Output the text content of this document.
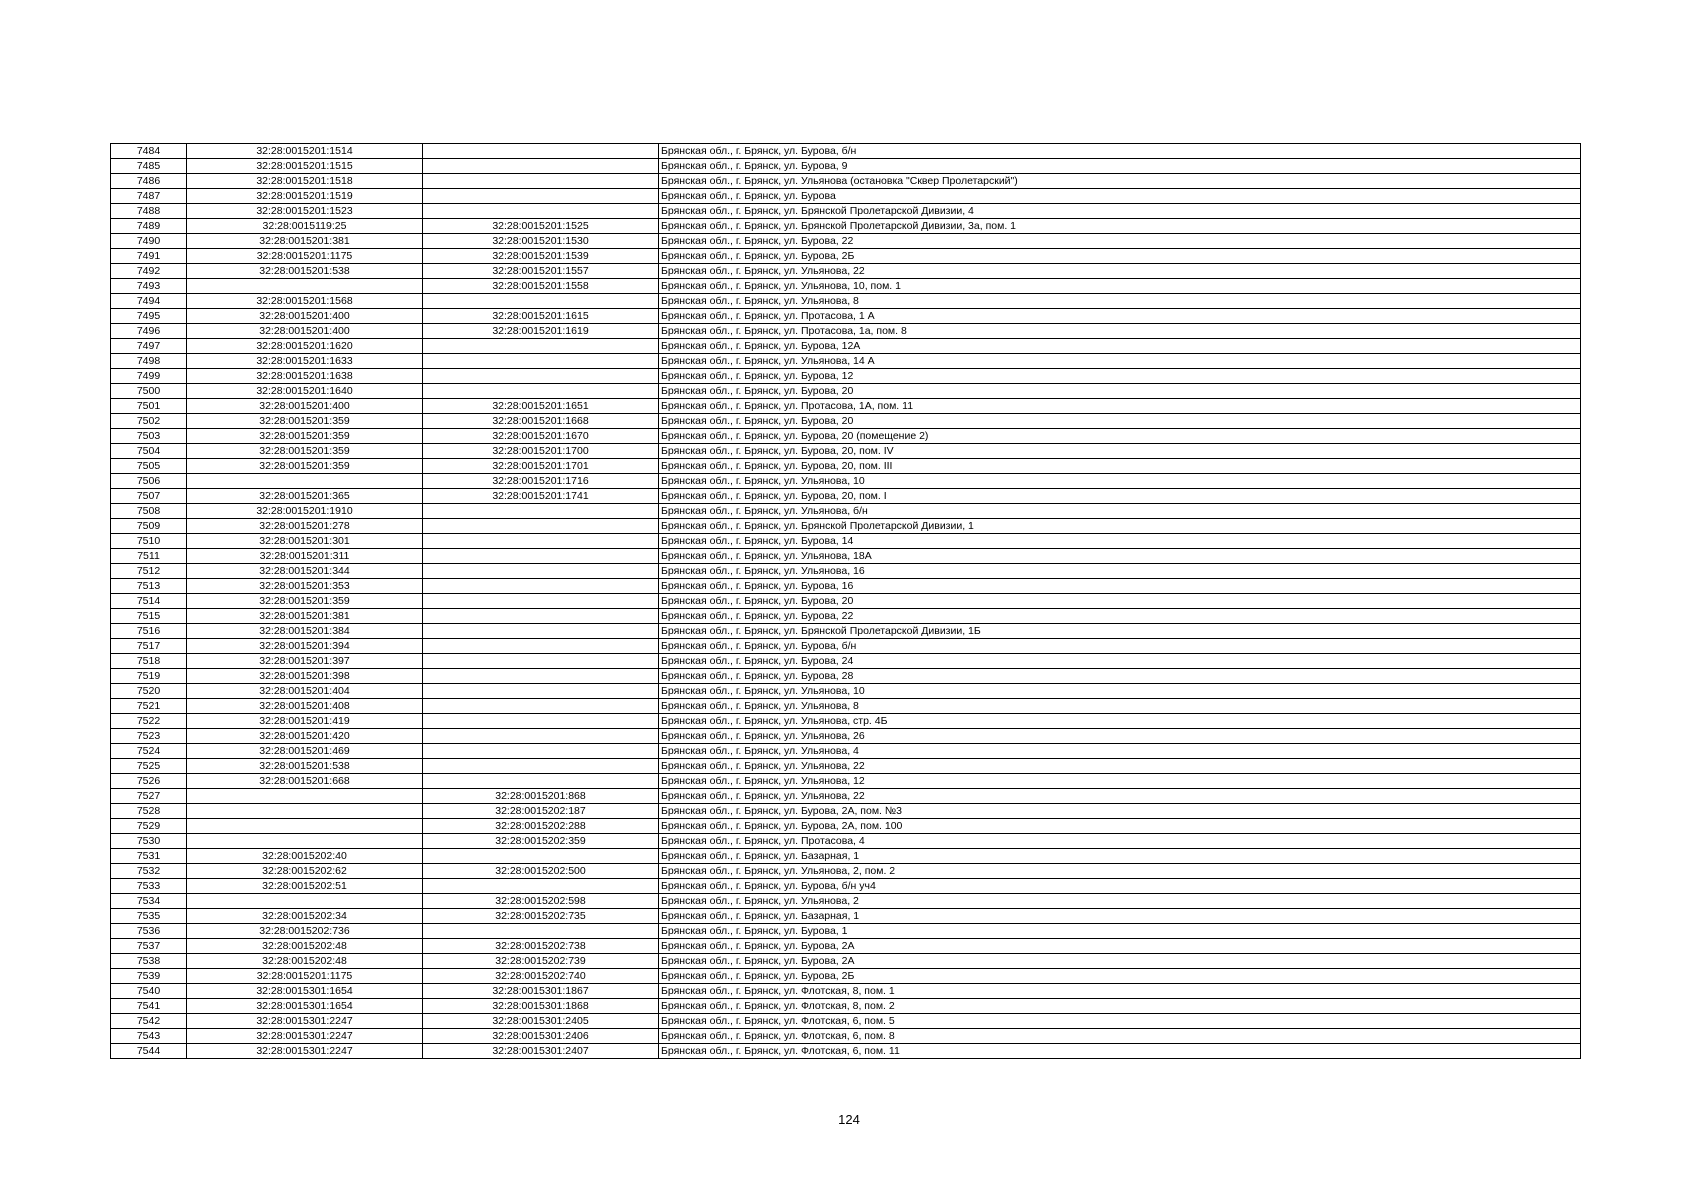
7484	32:28:0015201:1514		Брянская обл., г. Брянск, ул. Бурова, б/н
7485	32:28:0015201:1515		Брянская обл., г. Брянск, ул. Бурова, 9
7486	32:28:0015201:1518		Брянская обл., г. Брянск, ул. Ульянова (остановка "Сквер Пролетарский")
7487	32:28:0015201:1519		Брянская обл., г. Брянск, ул. Бурова
7488	32:28:0015201:1523		Брянская обл., г. Брянск, ул. Брянской Пролетарской Дивизии, 4
7489	32:28:0015119:25	32:28:0015201:1525	Брянская обл., г. Брянск, ул. Брянской Пролетарской Дивизии, 3а, пом. 1
7490	32:28:0015201:381	32:28:0015201:1530	Брянская обл., г. Брянск, ул. Бурова, 22
7491	32:28:0015201:1175	32:28:0015201:1539	Брянская обл., г. Брянск, ул. Бурова, 2Б
7492	32:28:0015201:538	32:28:0015201:1557	Брянская обл., г. Брянск, ул. Ульянова, 22
7493		32:28:0015201:1558	Брянская обл., г. Брянск, ул. Ульянова, 10, пом. 1
7494	32:28:0015201:1568		Брянская обл., г. Брянск, ул. Ульянова, 8
7495	32:28:0015201:400	32:28:0015201:1615	Брянская обл., г. Брянск, ул. Протасова, 1 А
7496	32:28:0015201:400	32:28:0015201:1619	Брянская обл., г. Брянск, ул. Протасова, 1а, пом. 8
7497	32:28:0015201:1620		Брянская обл., г. Брянск, ул. Бурова, 12А
7498	32:28:0015201:1633		Брянская обл., г. Брянск, ул. Ульянова, 14 А
7499	32:28:0015201:1638		Брянская обл., г. Брянск, ул. Бурова, 12
7500	32:28:0015201:1640		Брянская обл., г. Брянск, ул. Бурова, 20
7501	32:28:0015201:400	32:28:0015201:1651	Брянская обл., г. Брянск, ул. Протасова, 1А, пом. 11
7502	32:28:0015201:359	32:28:0015201:1668	Брянская обл., г. Брянск, ул. Бурова, 20
7503	32:28:0015201:359	32:28:0015201:1670	Брянская обл., г. Брянск, ул. Бурова, 20 (помещение 2)
7504	32:28:0015201:359	32:28:0015201:1700	Брянская обл., г. Брянск, ул. Бурова, 20, пом. IV
7505	32:28:0015201:359	32:28:0015201:1701	Брянская обл., г. Брянск, ул. Бурова, 20, пом. III
7506		32:28:0015201:1716	Брянская обл., г. Брянск, ул. Ульянова, 10
7507	32:28:0015201:365	32:28:0015201:1741	Брянская обл., г. Брянск, ул. Бурова, 20, пом. I
7508	32:28:0015201:1910		Брянская обл., г. Брянск, ул. Ульянова, б/н
7509	32:28:0015201:278		Брянская обл., г. Брянск, ул. Брянской Пролетарской Дивизии, 1
7510	32:28:0015201:301		Брянская обл., г. Брянск, ул. Бурова, 14
7511	32:28:0015201:311		Брянская обл., г. Брянск, ул. Ульянова, 18А
7512	32:28:0015201:344		Брянская обл., г. Брянск, ул. Ульянова, 16
7513	32:28:0015201:353		Брянская обл., г. Брянск, ул. Бурова, 16
7514	32:28:0015201:359		Брянская обл., г. Брянск, ул. Бурова, 20
7515	32:28:0015201:381		Брянская обл., г. Брянск, ул. Бурова, 22
7516	32:28:0015201:384		Брянская обл., г. Брянск, ул. Брянской Пролетарской Дивизии, 1Б
7517	32:28:0015201:394		Брянская обл., г. Брянск, ул. Бурова, б/н
7518	32:28:0015201:397		Брянская обл., г. Брянск, ул. Бурова, 24
7519	32:28:0015201:398		Брянская обл., г. Брянск, ул. Бурова, 28
7520	32:28:0015201:404		Брянская обл., г. Брянск, ул. Ульянова, 10
7521	32:28:0015201:408		Брянская обл., г. Брянск, ул. Ульянова, 8
7522	32:28:0015201:419		Брянская обл., г. Брянск, ул. Ульянова, стр. 4Б
7523	32:28:0015201:420		Брянская обл., г. Брянск, ул. Ульянова, 26
7524	32:28:0015201:469		Брянская обл., г. Брянск, ул. Ульянова, 4
7525	32:28:0015201:538		Брянская обл., г. Брянск, ул. Ульянова, 22
7526	32:28:0015201:668		Брянская обл., г. Брянск, ул. Ульянова, 12
7527		32:28:0015201:868	Брянская обл., г. Брянск, ул. Ульянова, 22
7528		32:28:0015202:187	Брянская обл., г. Брянск, ул. Бурова, 2А, пом. №3
7529		32:28:0015202:288	Брянская обл., г. Брянск, ул. Бурова, 2А, пом. 100
7530		32:28:0015202:359	Брянская обл., г. Брянск, ул. Протасова, 4
7531	32:28:0015202:40		Брянская обл., г. Брянск, ул. Базарная, 1
7532	32:28:0015202:62	32:28:0015202:500	Брянская обл., г. Брянск, ул. Ульянова, 2, пом. 2
7533	32:28:0015202:51		Брянская обл., г. Брянск, ул. Бурова, б/н уч4
7534		32:28:0015202:598	Брянская обл., г. Брянск, ул. Ульянова, 2
7535	32:28:0015202:34	32:28:0015202:735	Брянская обл., г. Брянск, ул. Базарная, 1
7536	32:28:0015202:736		Брянская обл., г. Брянск, ул. Бурова, 1
7537	32:28:0015202:48	32:28:0015202:738	Брянская обл., г. Брянск, ул. Бурова, 2А
7538	32:28:0015202:48	32:28:0015202:739	Брянская обл., г. Брянск, ул. Бурова, 2А
7539	32:28:0015201:1175	32:28:0015202:740	Брянская обл., г. Брянск, ул. Бурова, 2Б
7540	32:28:0015301:1654	32:28:0015301:1867	Брянская обл., г. Брянск, ул. Флотская, 8, пом. 1
7541	32:28:0015301:1654	32:28:0015301:1868	Брянская обл., г. Брянск, ул. Флотская, 8, пом. 2
7542	32:28:0015301:2247	32:28:0015301:2405	Брянская обл., г. Брянск, ул. Флотская, 6, пом. 5
7543	32:28:0015301:2247	32:28:0015301:2406	Брянская обл., г. Брянск, ул. Флотская, 6, пом. 8
7544	32:28:0015301:2247	32:28:0015301:2407	Брянская обл., г. Брянск, ул. Флотская, 6, пом. 11
124
